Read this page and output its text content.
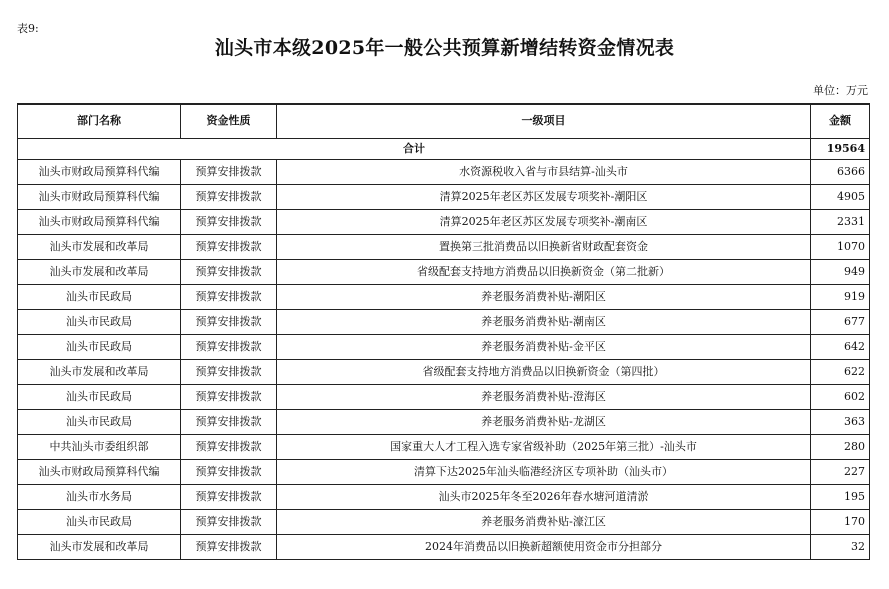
表9:
汕头市本级2025年一般公共预算新增结转资金情况表
单位：万元
部门名称	资金性质	一级项目	金额
合计			19564
汕头市财政局预算科代编	预算安排拨款	水资源税收入省与市县结算-汕头市	6366
汕头市财政局预算科代编	预算安排拨款	清算2025年老区苏区发展专项奖补-潮阳区	4905
汕头市财政局预算科代编	预算安排拨款	清算2025年老区苏区发展专项奖补-潮南区	2331
汕头市发展和改革局	预算安排拨款	置换第三批消费品以旧换新省财政配套资金	1070
汕头市发展和改革局	预算安排拨款	省级配套支持地方消费品以旧换新资金（第二批新）	949
汕头市民政局	预算安排拨款	养老服务消费补贴-潮阳区	919
汕头市民政局	预算安排拨款	养老服务消费补贴-潮南区	677
汕头市民政局	预算安排拨款	养老服务消费补贴-金平区	642
汕头市发展和改革局	预算安排拨款	省级配套支持地方消费品以旧换新资金（第四批）	622
汕头市民政局	预算安排拨款	养老服务消费补贴-澄海区	602
汕头市民政局	预算安排拨款	养老服务消费补贴-龙湖区	363
中共汕头市委组织部	预算安排拨款	国家重大人才工程入选专家省级补助（2025年第三批）-汕头市	280
汕头市财政局预算科代编	预算安排拨款	清算下达2025年汕头临港经济区专项补助（汕头市）	227
汕头市水务局	预算安排拨款	汕头市2025年冬至2026年春水塘河道清淤	195
汕头市民政局	预算安排拨款	养老服务消费补贴-濠江区	170
汕头市发展和改革局	预算安排拨款	2024年消费品以旧换新超额使用资金市分担部分	32
